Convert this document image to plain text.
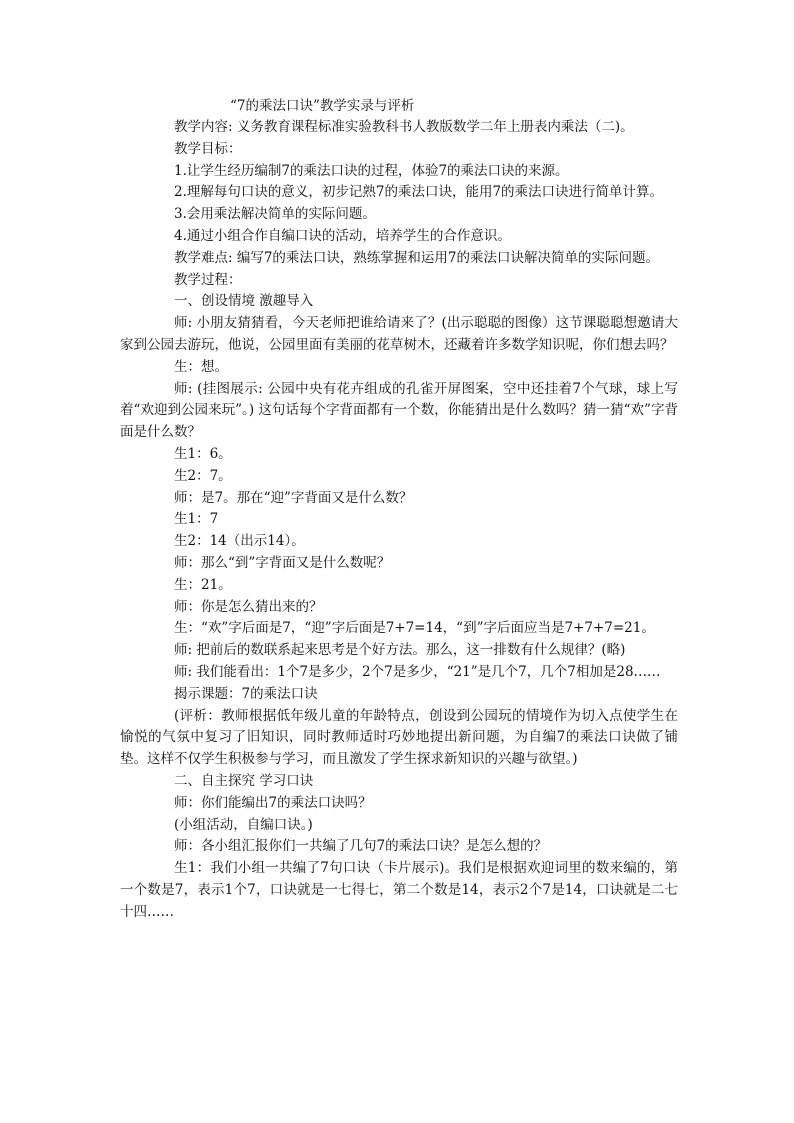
“7的乘法口诀”教学实录与评析

教学内容: 义务教育课程标准实验教科书人教版数学二年上册表内乘法（二)。

教学目标：

1.让学生经历编制7的乘法口诀的过程，体验7的乘法口诀的来源。

2.理解每句口诀的意义，初步记熟7的乘法口诀，能用7的乘法口诀进行简单计算。

3.会用乘法解决简单的实际问题。

4.通过小组合作自编口诀的活动，培养学生的合作意识。

教学难点: 编写7的乘法口诀，熟练掌握和运用7的乘法口诀解决简单的实际问题。

教学过程：

一、创设情境 激趣导入

师: 小朋友猜猜看，今天老师把谁给请来了？(出示聪聪的图像）这节课聪聪想邀请大家到公园去游玩，他说，公园里面有美丽的花草树木，还藏着许多数学知识呢，你们想去吗？

生：想。

师: (挂图展示: 公园中央有花卉组成的孔雀开屏图案，空中还挂着7个气球，球上写着“欢迎到公园来玩”。) 这句话每个字背面都有一个数，你能猜出是什么数吗？猜一猜“欢”字背面是什么数？

生1：6。

生2：7。

师：是7。那在“迎”字背面又是什么数？

生1：7

生2：14（出示14）。

师：那么“到”字背面又是什么数呢？

生：21。

师：你是怎么猜出来的？

生：“欢”字后面是7，“迎”字后面是7+7=14，“到”字后面应当是7+7+7=21。

师: 把前后的数联系起来思考是个好方法。那么，这一排数有什么规律？(略)

师: 我们能看出：1个7是多少，2个7是多少，“21”是几个7，几个7相加是28……

揭示课题：7的乘法口诀

(评析：教师根据低年级儿童的年龄特点，创设到公园玩的情境作为切入点使学生在愉悦的气氛中复习了旧知识，同时教师适时巧妙地提出新问题，为自编7的乘法口诀做了铺垫。这样不仅学生积极参与学习，而且激发了学生探求新知识的兴趣与欲望。)

二、自主探究 学习口诀

师：你们能编出7的乘法口诀吗？

(小组活动，自编口诀。)

师：各小组汇报你们一共编了几句7的乘法口诀？是怎么想的？

生1：我们小组一共编了7句口诀（卡片展示)。我们是根据欢迎词里的数来编的，第一个数是7，表示1个7，口诀就是一七得七，第二个数是14，表示2个7是14，口诀就是二七十四……
